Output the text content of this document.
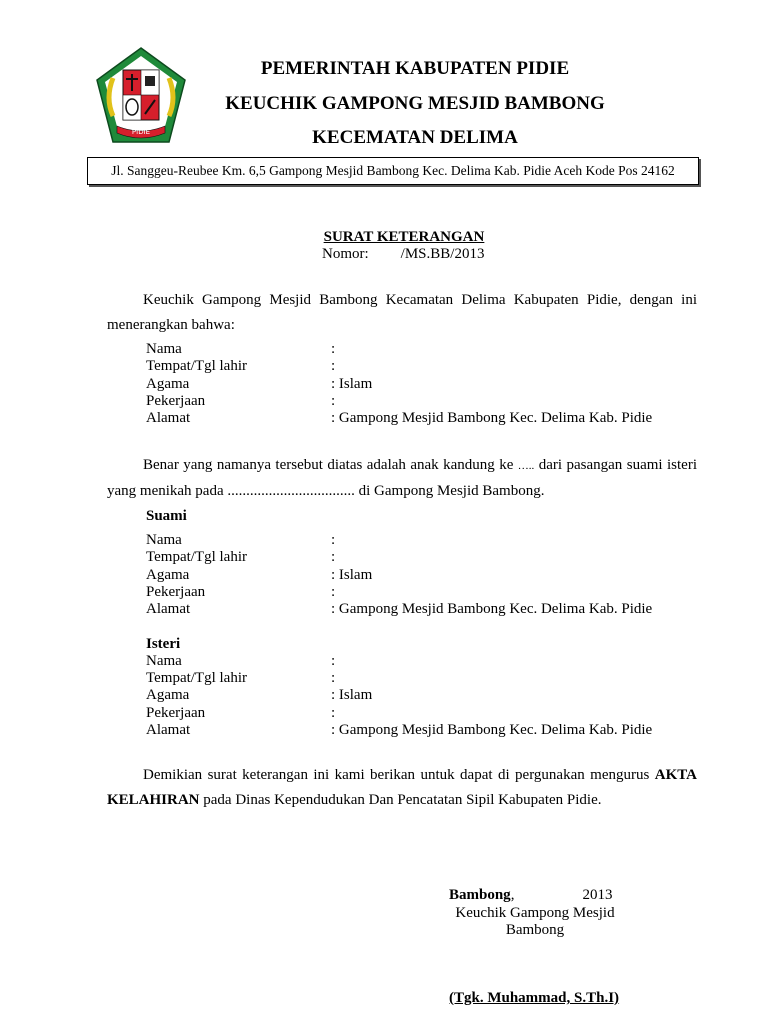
PIDIE
PEMERINTAH KABUPATEN PIDIE
KEUCHIK GAMPONG MESJID BAMBONG
KECEMATAN DELIMA
Jl. Sanggeu-Reubee Km. 6,5 Gampong Mesjid Bambong Kec. Delima Kab. Pidie Aceh Kode Pos 24162
SURAT KETERANGAN
Nomor: /MS.BB/2013
Keuchik Gampong Mesjid Bambong Kecamatan Delima Kabupaten Pidie, dengan ini
menerangkan bahwa:
Nama	:
Tempat/Tgl lahir	:
Agama	: Islam
Pekerjaan	:
Alamat	: Gampong Mesjid Bambong Kec. Delima Kab. Pidie
Benar yang namanya tersebut diatas adalah anak kandung ke ….. dari pasangan suami isteri
yang menikah pada .................................. di Gampong Mesjid Bambong.
Suami
Nama	:
Tempat/Tgl lahir	:
Agama	: Islam
Pekerjaan	:
Alamat	: Gampong Mesjid Bambong Kec. Delima Kab. Pidie
Isteri
Nama	:
Tempat/Tgl lahir	:
Agama	: Islam
Pekerjaan	:
Alamat	: Gampong Mesjid Bambong Kec. Delima Kab. Pidie
Demikian surat keterangan ini kami berikan untuk dapat di pergunakan mengurus AKTA
KELAHIRAN pada Dinas Kependudukan Dan Pencatatan Sipil Kabupaten Pidie.
Bambong,	2013
Keuchik Gampong Mesjid
Bambong
(Tgk. Muhammad, S.Th.I)
